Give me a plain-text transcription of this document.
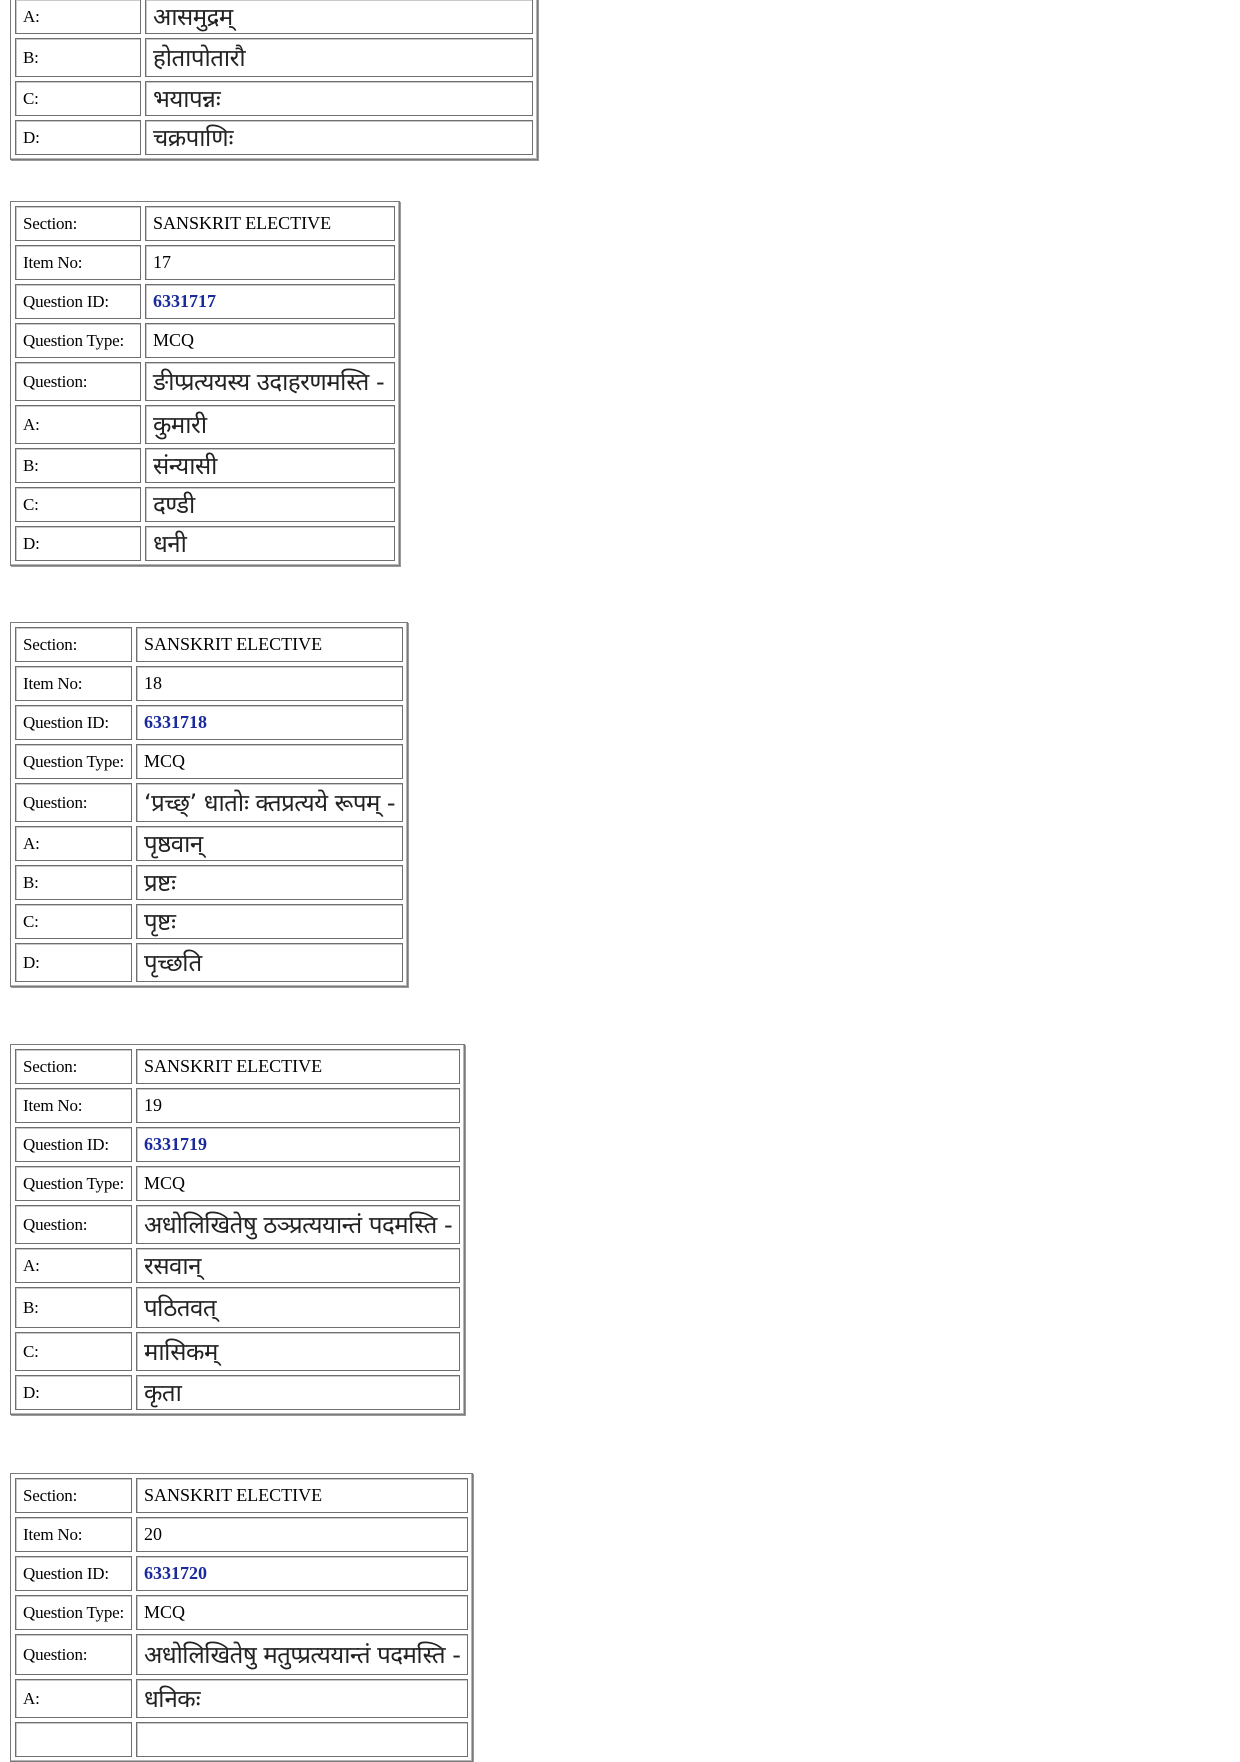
A:	आसमुद्रम्
B:	होतापोतारौ
C:	भयापन्नः
D:	चक्रपाणिः
Section:	SANSKRIT ELECTIVE
Item No:	17
Question ID:	6331717
Question Type:	MCQ
Question:	ङीप्प्रत्ययस्य उदाहरणमस्ति -
A:	कुमारी
B:	संन्यासी
C:	दण्डी
D:	धनी
Section:	SANSKRIT ELECTIVE
Item No:	18
Question ID:	6331718
Question Type:	MCQ
Question:	‘प्रच्छ्’ धातोः क्तप्रत्यये रूपम् -
A:	पृष्ठवान्
B:	प्रष्टः
C:	पृष्टः
D:	पृच्छति
Section:	SANSKRIT ELECTIVE
Item No:	19
Question ID:	6331719
Question Type:	MCQ
Question:	अधोलिखितेषु ठञ्प्रत्ययान्तं पदमस्ति -
A:	रसवान्
B:	पठितवत्
C:	मासिकम्
D:	कृता
Section:	SANSKRIT ELECTIVE
Item No:	20
Question ID:	6331720
Question Type:	MCQ
Question:	अधोलिखितेषु मतुप्प्रत्ययान्तं पदमस्ति -
A:	धनिकः
